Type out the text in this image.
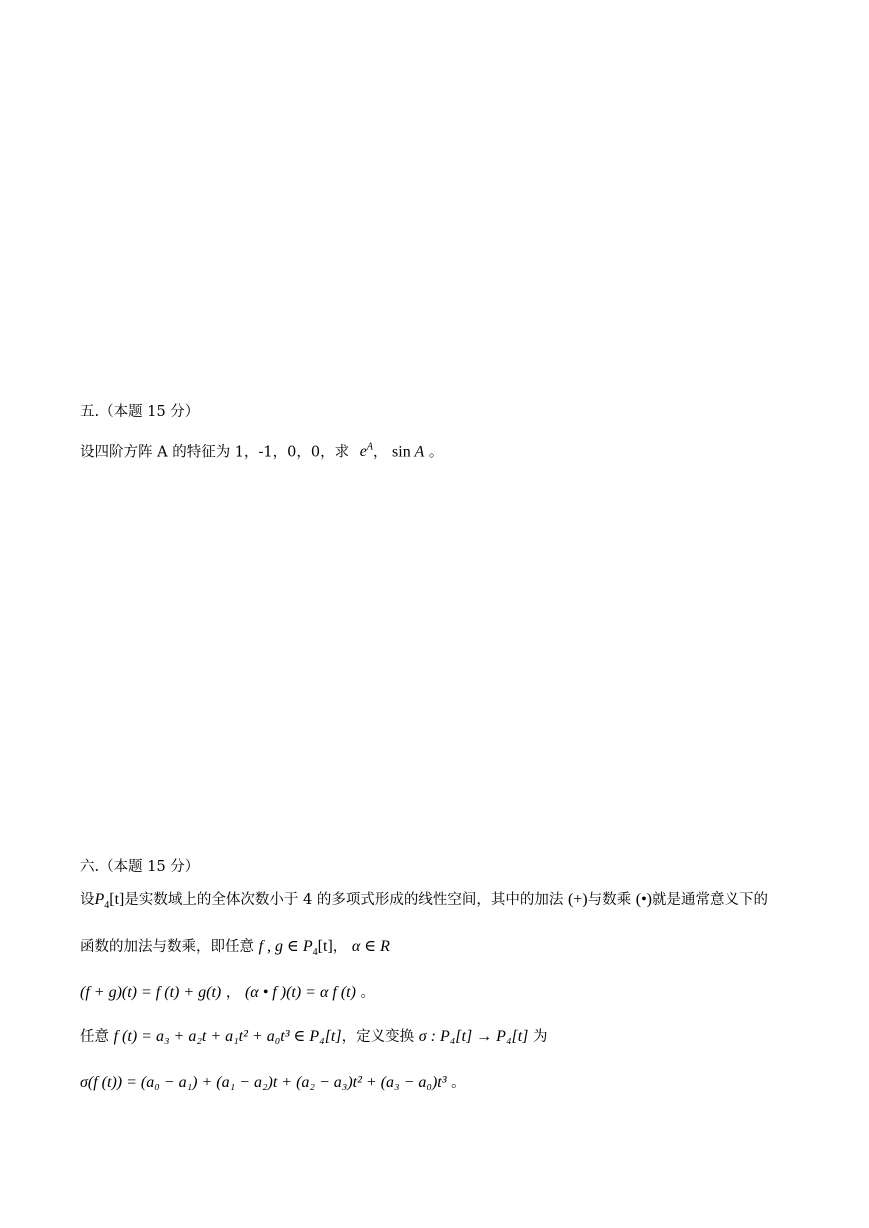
五.（本题 15 分）
设四阶方阵 A 的特征为 1，-1，0，0，求 $e^A$， sin A 。
六.（本题 15 分）
设$P_4[t]$是实数域上的全体次数小于 4 的多项式形成的线性空间，其中的加法 (+)与数乘 (•)就是通常意义下的
函数的加法与数乘，即任意 f , g ∈ $P_4[t]$， α ∈ R
(f + g)(t) = f (t) + g(t) ， (α • f )(t) = α f (t) 。
任意 f (t) = a₃ + a₂t + a₁t² + a₀t³ ∈ P₄[t]，定义变换 σ : P₄[t] → P₄[t] 为
σ(f (t)) = (a₀ − a₁) + (a₁ − a₂)t + (a₂ − a₃)t² + (a₃ − a₀)t³ 。
